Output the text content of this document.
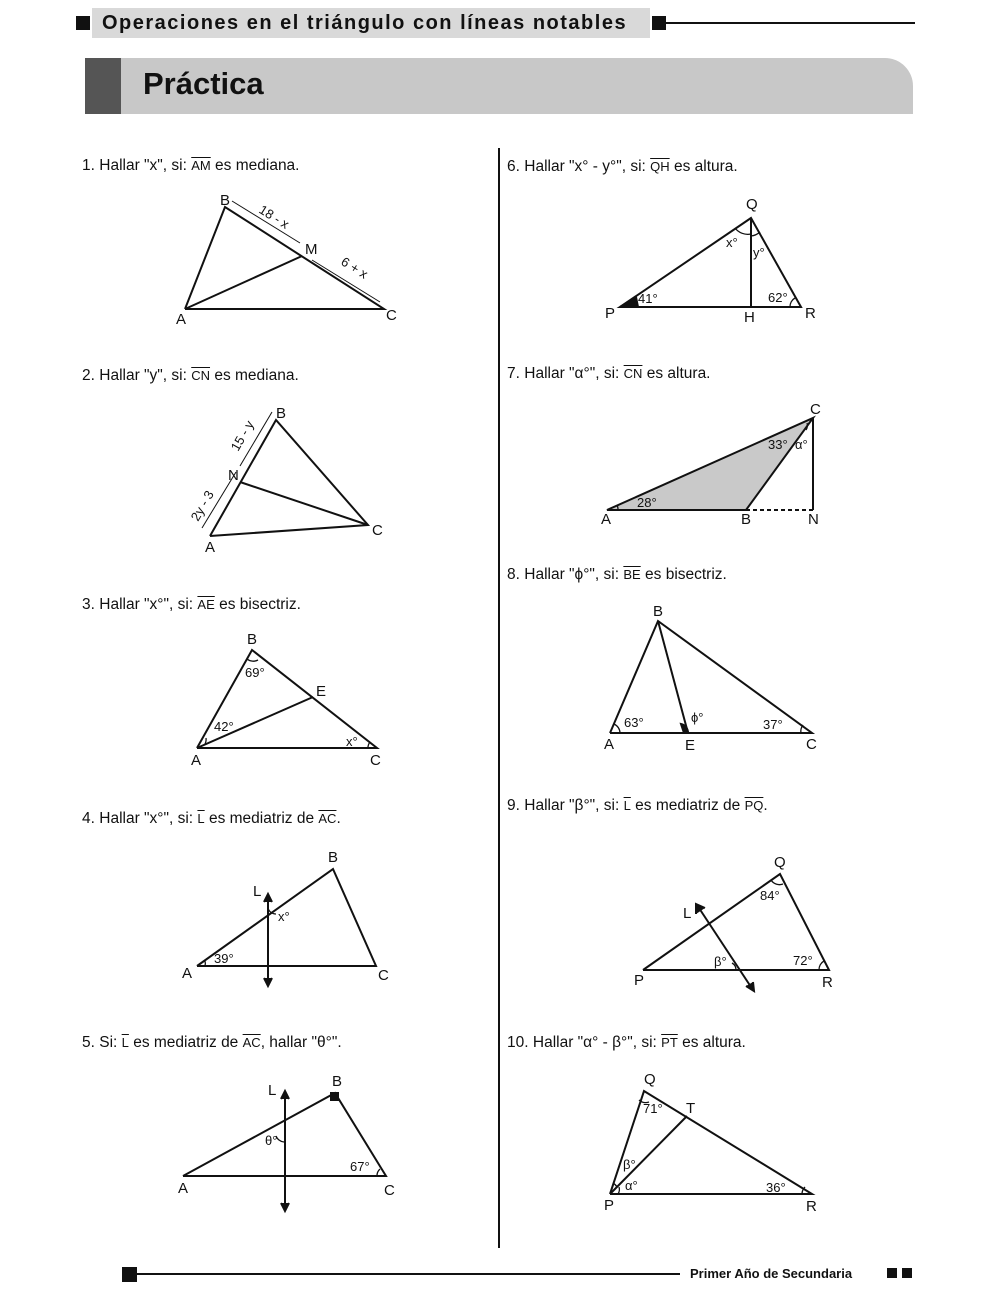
Operaciones en el triángulo con líneas notables
Práctica
1. Hallar "x", si: $\overline{AM}$ es mediana.
2. Hallar "y", si: $\overline{CN}$ es mediana.
3. Hallar "x°", si: $\overline{AE}$ es bisectriz.
4. Hallar "x°", si: $\overline{L}$ es mediatriz de $\overline{AC}$.
5. Si: $\overline{L}$ es mediatriz de $\overline{AC}$, hallar "θ°".
6. Hallar "x° - y°", si: $\overline{QH}$ es altura.
7. Hallar "α°", si: $\overline{CN}$ es altura.
8. Hallar "ϕ°", si: $\overline{BE}$ es bisectriz.
9. Hallar "β°", si: $\overline{L}$ es mediatriz de $\overline{PQ}$.
10. Hallar "α° - β°", si: $\overline{PT}$ es altura.
B
A	C
M
18 - x
6 + x
B
A
C
N
15 - y
2y - 3
B
A	C
E
69°
42°
x°
B
A	C
L
39°
x°
B
A	C
L
67°
θ°
Q
P	R
H
41°	62°
x°
y°
C
A	B	N
28°
33° α°
B
A	C
E
63°	37°
ϕ°
Q
P	R
L
84°
72°
β°
Q
P	R
T
71°
36°
β°
α°
Primer Año de Secundaria
